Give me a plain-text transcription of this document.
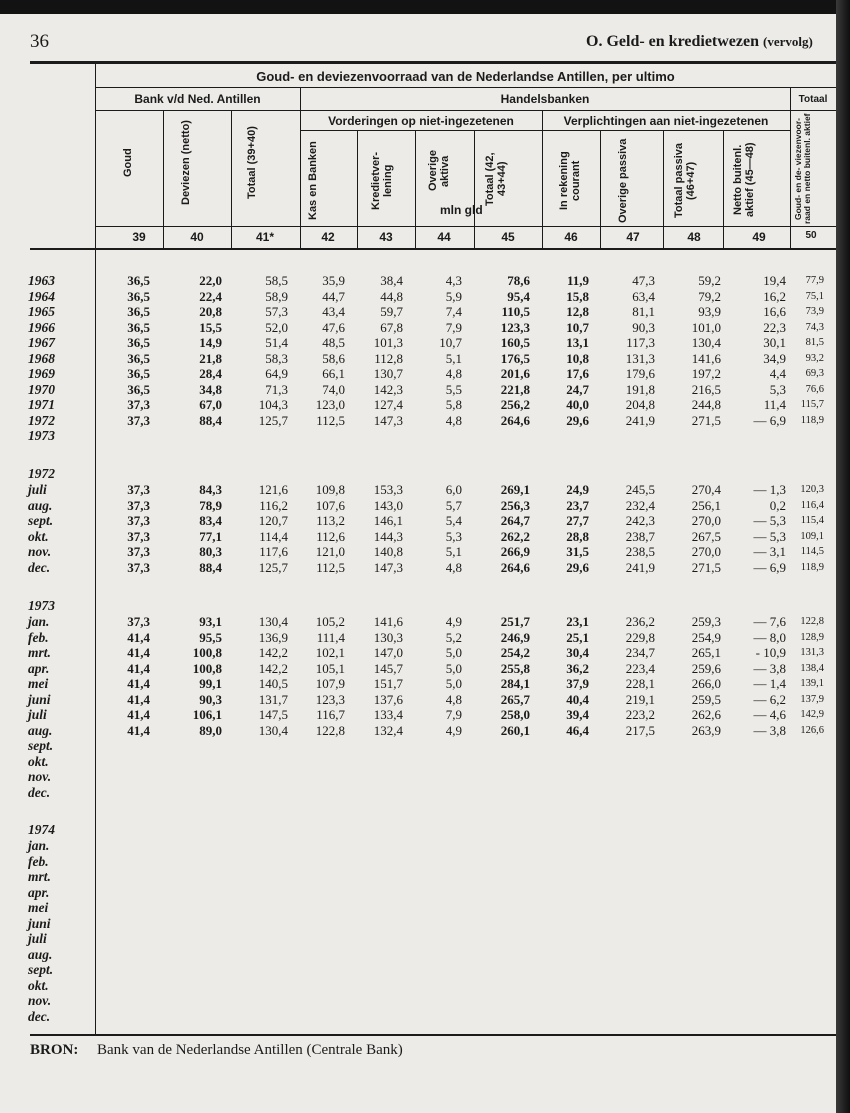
36	O. Geld- en kredietwezen (vervolg)
Goud- en deviezenvoorraad van de Nederlandse Antillen, per ultimo
Bank v/d Ned. Antillen	Handelsbanken	Totaal
Vorderingen op niet-ingezetenen	Verplichtingen aan niet-ingezetenen
mln gld
Goud	Deviezen (netto)	Totaal (39+40)	Kas en Banken	Kredietver- lening	Overige aktiva	Totaal (42, 43+44)	In rekening courant	Overige passiva	Totaal passiva (46+47)	Netto buitenl. aktief (45—48)	Goud- en de- viezenvoor- raad en netto buitenl. aktief
39	40	41*	42	43	44	45	46	47	48	49	50
1963	36,5	22,0	58,5	35,9	38,4	4,3	78,6	11,9	47,3	59,2	19,4	77,9
1964	36,5	22,4	58,9	44,7	44,8	5,9	95,4	15,8	63,4	79,2	16,2	75,1
1965	36,5	20,8	57,3	43,4	59,7	7,4	110,5	12,8	81,1	93,9	16,6	73,9
1966	36,5	15,5	52,0	47,6	67,8	7,9	123,3	10,7	90,3	101,0	22,3	74,3
1967	36,5	14,9	51,4	48,5	101,3	10,7	160,5	13,1	117,3	130,4	30,1	81,5
1968	36,5	21,8	58,3	58,6	112,8	5,1	176,5	10,8	131,3	141,6	34,9	93,2
1969	36,5	28,4	64,9	66,1	130,7	4,8	201,6	17,6	179,6	197,2	4,4	69,3
1970	36,5	34,8	71,3	74,0	142,3	5,5	221,8	24,7	191,8	216,5	5,3	76,6
1971	37,3	67,0	104,3	123,0	127,4	5,8	256,2	40,0	204,8	244,8	11,4	115,7
1972	37,3	88,4	125,7	112,5	147,3	4,8	264,6	29,6	241,9	271,5	— 6,9	118,9
1973
1972
juli	37,3	84,3	121,6	109,8	153,3	6,0	269,1	24,9	245,5	270,4	— 1,3	120,3
aug.	37,3	78,9	116,2	107,6	143,0	5,7	256,3	23,7	232,4	256,1	0,2	116,4
sept.	37,3	83,4	120,7	113,2	146,1	5,4	264,7	27,7	242,3	270,0	— 5,3	115,4
okt.	37,3	77,1	114,4	112,6	144,3	5,3	262,2	28,8	238,7	267,5	— 5,3	109,1
nov.	37,3	80,3	117,6	121,0	140,8	5,1	266,9	31,5	238,5	270,0	— 3,1	114,5
dec.	37,3	88,4	125,7	112,5	147,3	4,8	264,6	29,6	241,9	271,5	— 6,9	118,9
1973
jan.	37,3	93,1	130,4	105,2	141,6	4,9	251,7	23,1	236,2	259,3	— 7,6	122,8
feb.	41,4	95,5	136,9	111,4	130,3	5,2	246,9	25,1	229,8	254,9	— 8,0	128,9
mrt.	41,4	100,8	142,2	102,1	147,0	5,0	254,2	30,4	234,7	265,1	- 10,9	131,3
apr.	41,4	100,8	142,2	105,1	145,7	5,0	255,8	36,2	223,4	259,6	— 3,8	138,4
mei	41,4	99,1	140,5	107,9	151,7	5,0	284,1	37,9	228,1	266,0	— 1,4	139,1
juni	41,4	90,3	131,7	123,3	137,6	4,8	265,7	40,4	219,1	259,5	— 6,2	137,9
juli	41,4	106,1	147,5	116,7	133,4	7,9	258,0	39,4	223,2	262,6	— 4,6	142,9
aug.	41,4	89,0	130,4	122,8	132,4	4,9	260,1	46,4	217,5	263,9	— 3,8	126,6
sept.
okt.
nov.
dec.
1974
jan.
feb.
mrt.
apr.
mei
juni
juli
aug.
sept.
okt.
nov.
dec.
BRON: Bank van de Nederlandse Antillen (Centrale Bank)
